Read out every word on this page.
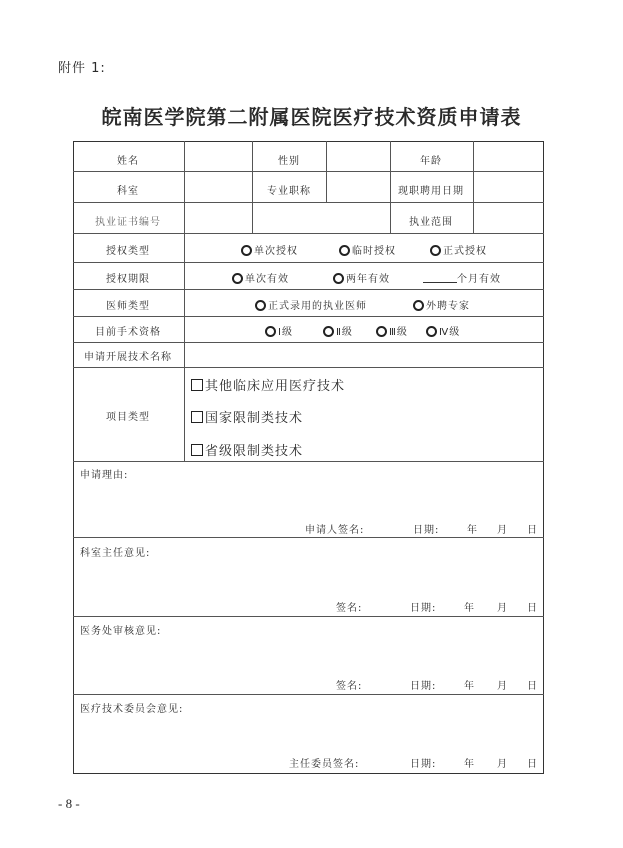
附件 1:
皖南医学院第二附属医院医疗技术资质申请表
姓名	性别	年龄
科室	专业职称	现职聘用日期
执业证书编号	执业范围
授权类型	单次授权	临时授权	正式授权
授权期限	单次有效	两年有效	个月有效
医师类型	正式录用的执业医师	外聘专家
目前手术资格	Ⅰ级	Ⅱ级	Ⅲ级	Ⅳ级
申请开展技术名称
项目类型
其他临床应用医疗技术
国家限制类技术
省级限制类技术
申请理由:
申请人签名:	日期:	年 月 日
科室主任意见:
签名:	日期:	年 月 日
医务处审核意见:
签名:	日期:	年 月 日
医疗技术委员会意见:
主任委员签名:	日期:	年 月 日
- 8 -
